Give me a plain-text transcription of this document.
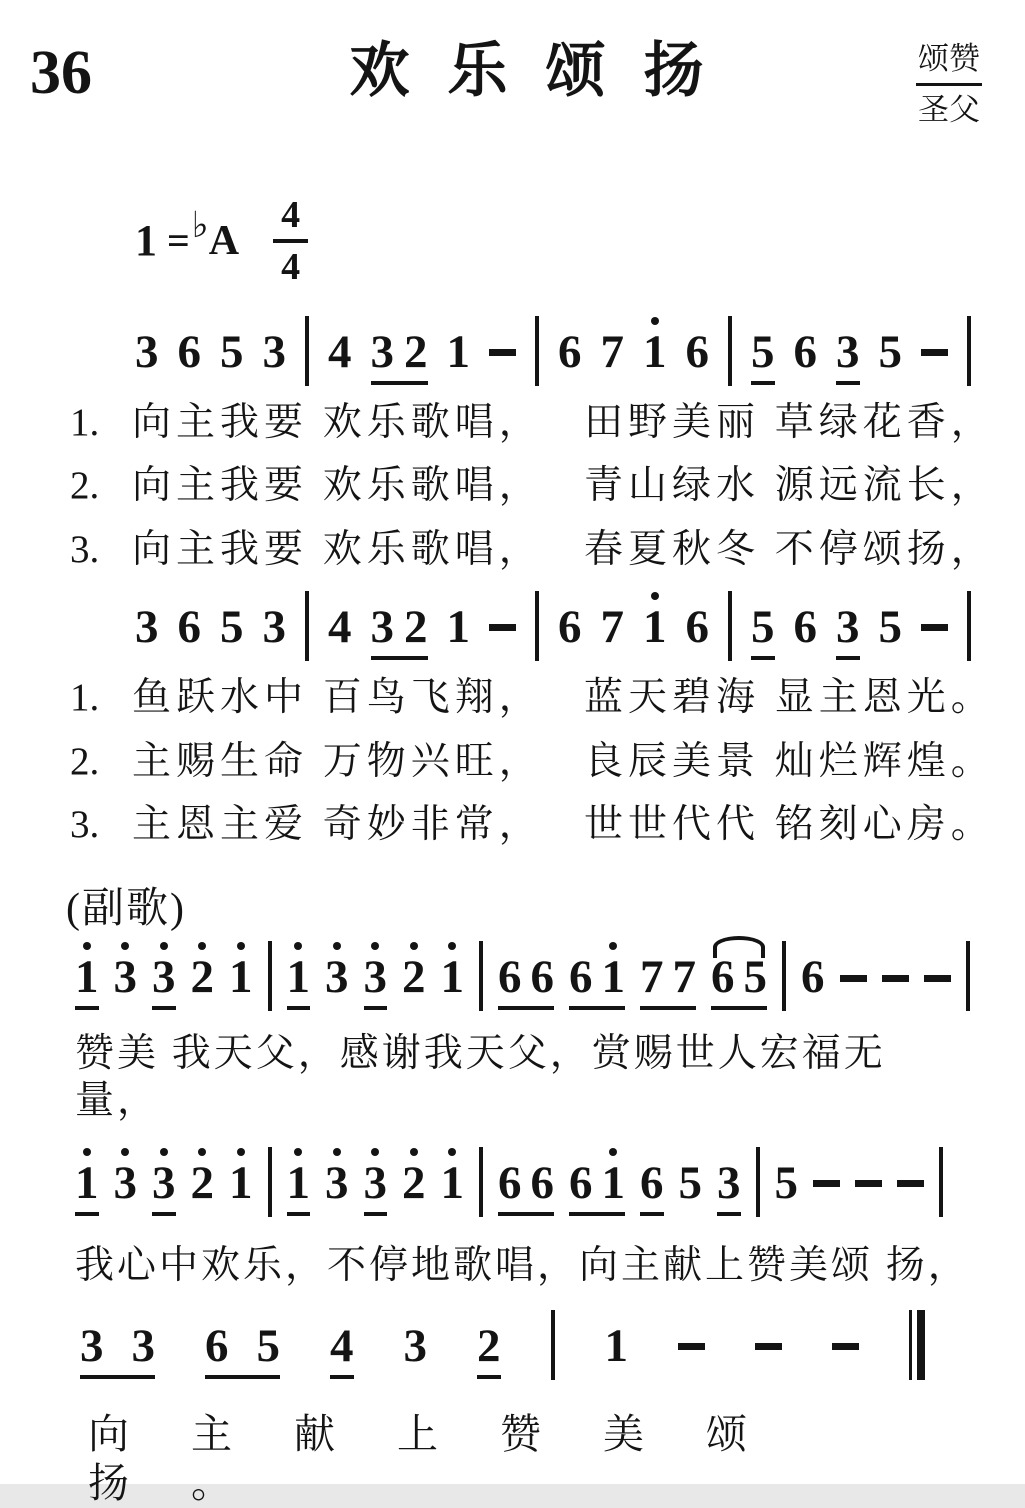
36	欢乐颂扬	颂赞
圣父
1 = ♭ A $\frac{4}{4}$
3 6 5 3 4 3 2 1 6 7 1 6 5 6 3 5
1. 向主我要 欢乐歌唱，	田野美丽 草绿花香，
2. 向主我要 欢乐歌唱，	青山绿水 源远流长，
3. 向主我要 欢乐歌唱，	春夏秋冬 不停颂扬，
3 6 5 3 4 3 2 1 6 7 1 6 5 6 3 5
1. 鱼跃水中 百鸟飞翔，	蓝天碧海 显主恩光。
2. 主赐生命 万物兴旺，	良辰美景 灿烂辉煌。
3. 主恩主爱 奇妙非常，	世世代代 铭刻心房。
(副歌)
1 3 3 2 1 1 3 3 2 1 6 6 6 1 7 7 6 5 6
赞美 我天父，感谢我天父，赏赐世人宏福无　量，
1 3 3 2 1 1 3 3 2 1 6 6 6 1 6 5 3 5
我心中欢乐，不停地歌唱，向主献上赞美颂 扬，
3 3 6 5 4 3 2 1
向主献上赞美颂　扬。
